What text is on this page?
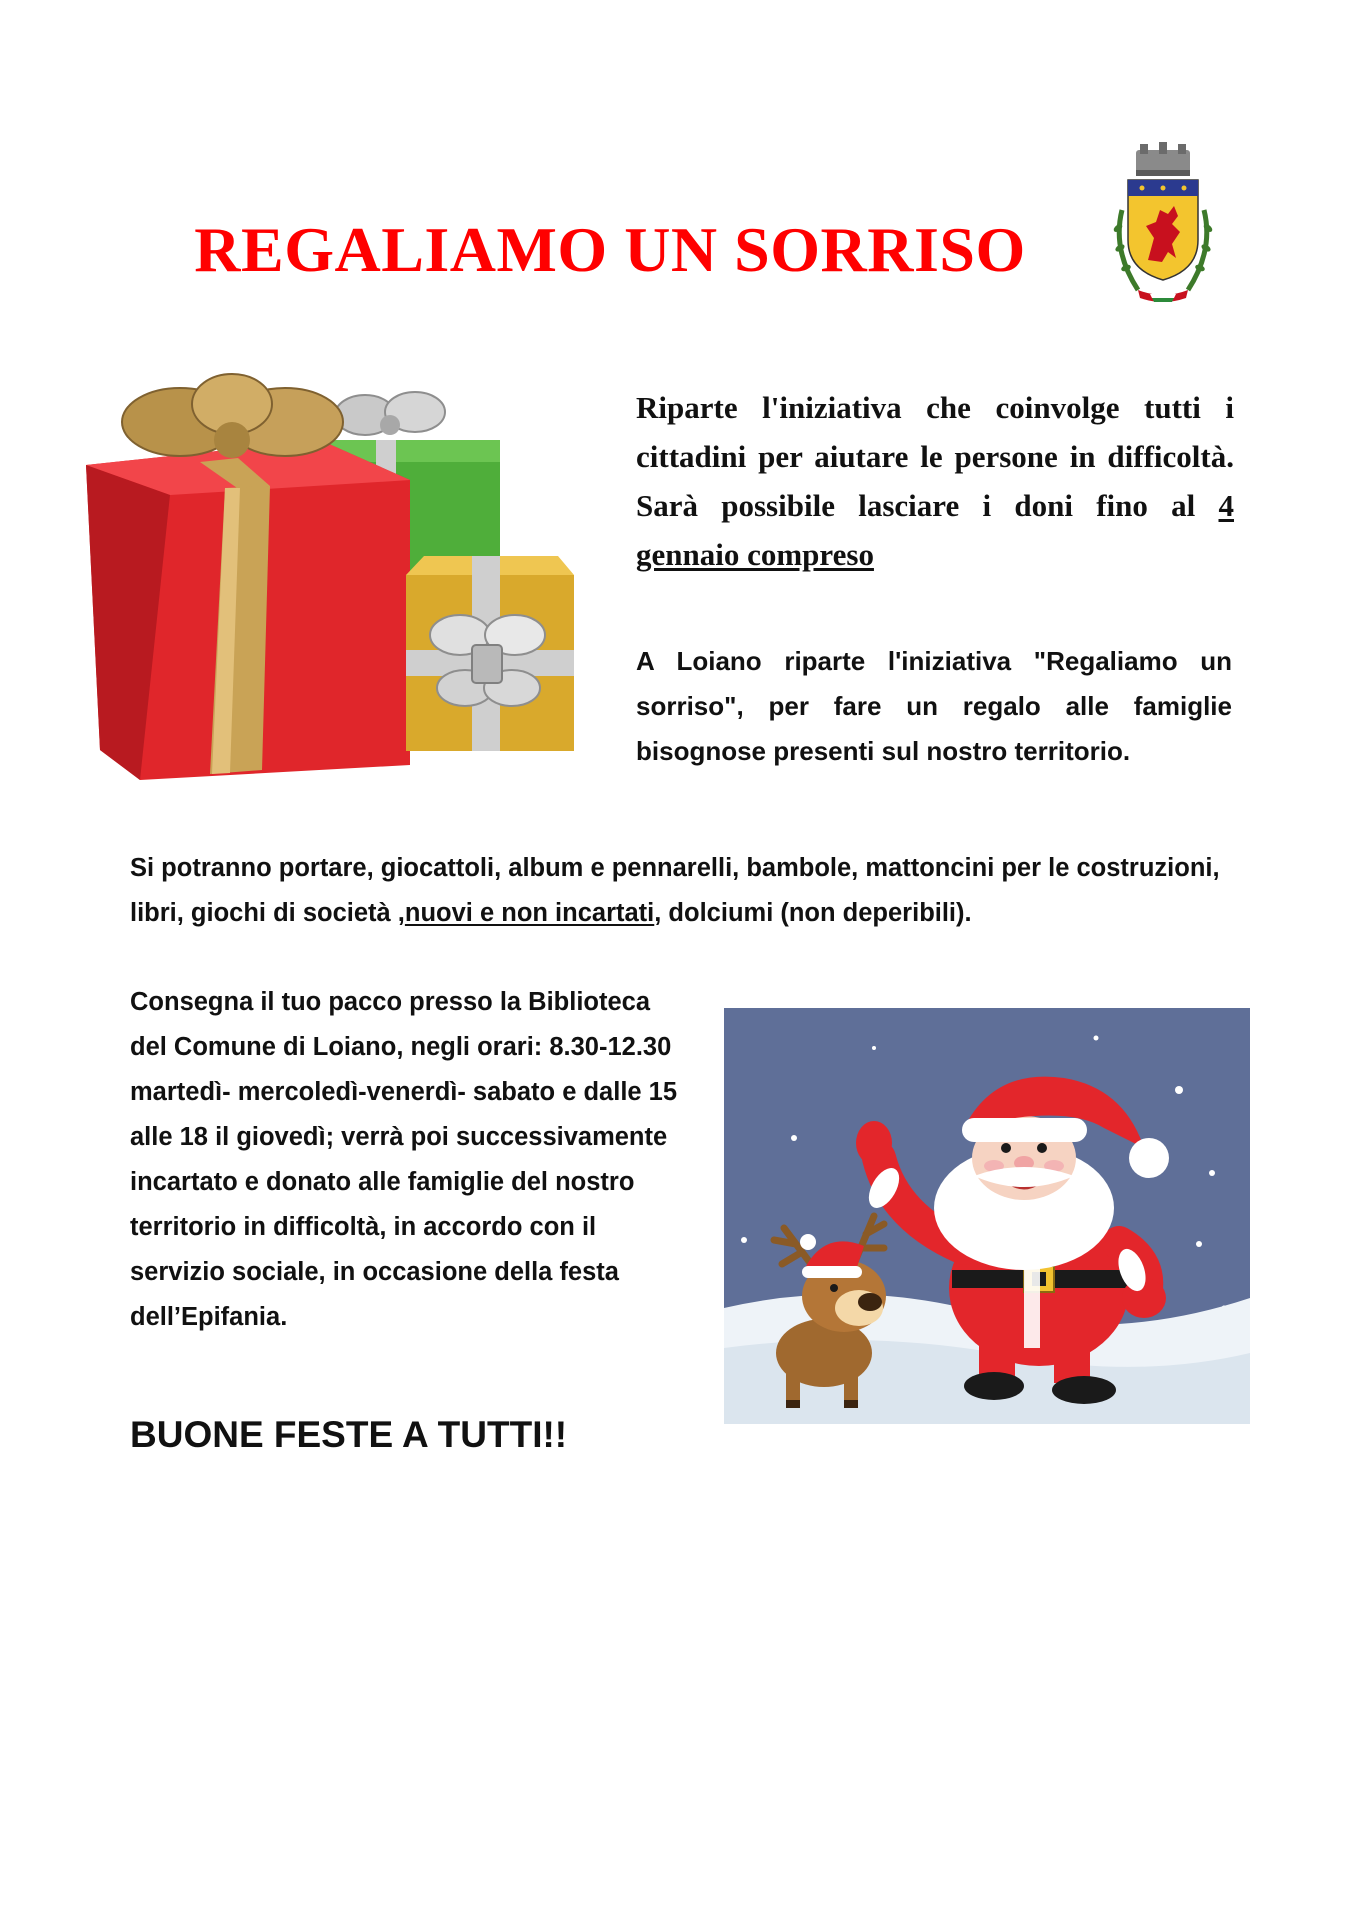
REGALIAMO UN SORRISO

Riparte l'iniziativa che coinvolge tutti i cittadini per aiutare le persone in difficoltà. Sarà possibile lasciare i doni fino al 4 gennaio compreso

A Loiano riparte l'iniziativa "Regaliamo un sorriso", per fare un regalo alle famiglie bisognose presenti sul nostro territorio.

Si potranno portare, giocattoli, album e pennarelli, bambole, mattoncini per le costruzioni, libri, giochi di società ,nuovi e non incartati, dolciumi (non deperibili).

Consegna il tuo pacco presso la Biblioteca del Comune di Loiano, negli orari: 8.30-12.30 martedì- mercoledì-venerdì- sabato e dalle 15 alle 18 il giovedì; verrà poi successivamente incartato e donato alle famiglie del nostro territorio in difficoltà, in accordo con il servizio sociale, in occasione della festa dell’Epifania.

BUONE FESTE A TUTTI!!
